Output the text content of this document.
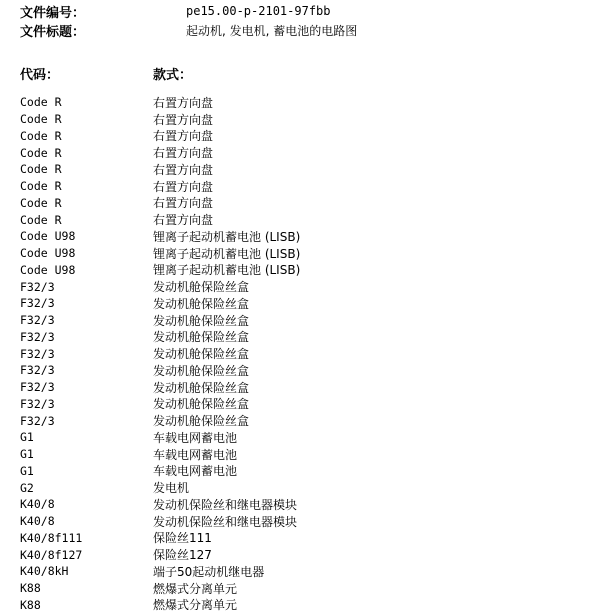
文件编号：	pe15.00-p-2101-97fbb
文件标题：	起动机, 发电机, 蓄电池的电路图
代码：	款式：
Code R	右置方向盘
Code R	右置方向盘
Code R	右置方向盘
Code R	右置方向盘
Code R	右置方向盘
Code R	右置方向盘
Code R	右置方向盘
Code R	右置方向盘
Code U98	锂离子起动机蓄电池 (LISB)
Code U98	锂离子起动机蓄电池 (LISB)
Code U98	锂离子起动机蓄电池 (LISB)
F32/3	发动机舱保险丝盒
F32/3	发动机舱保险丝盒
F32/3	发动机舱保险丝盒
F32/3	发动机舱保险丝盒
F32/3	发动机舱保险丝盒
F32/3	发动机舱保险丝盒
F32/3	发动机舱保险丝盒
F32/3	发动机舱保险丝盒
F32/3	发动机舱保险丝盒
G1	车载电网蓄电池
G1	车载电网蓄电池
G1	车载电网蓄电池
G2	发电机
K40/8	发动机保险丝和继电器模块
K40/8	发动机保险丝和继电器模块
K40/8f111	保险丝111
K40/8f127	保险丝127
K40/8kH	端子50起动机继电器
K88	燃爆式分离单元
K88	燃爆式分离单元
